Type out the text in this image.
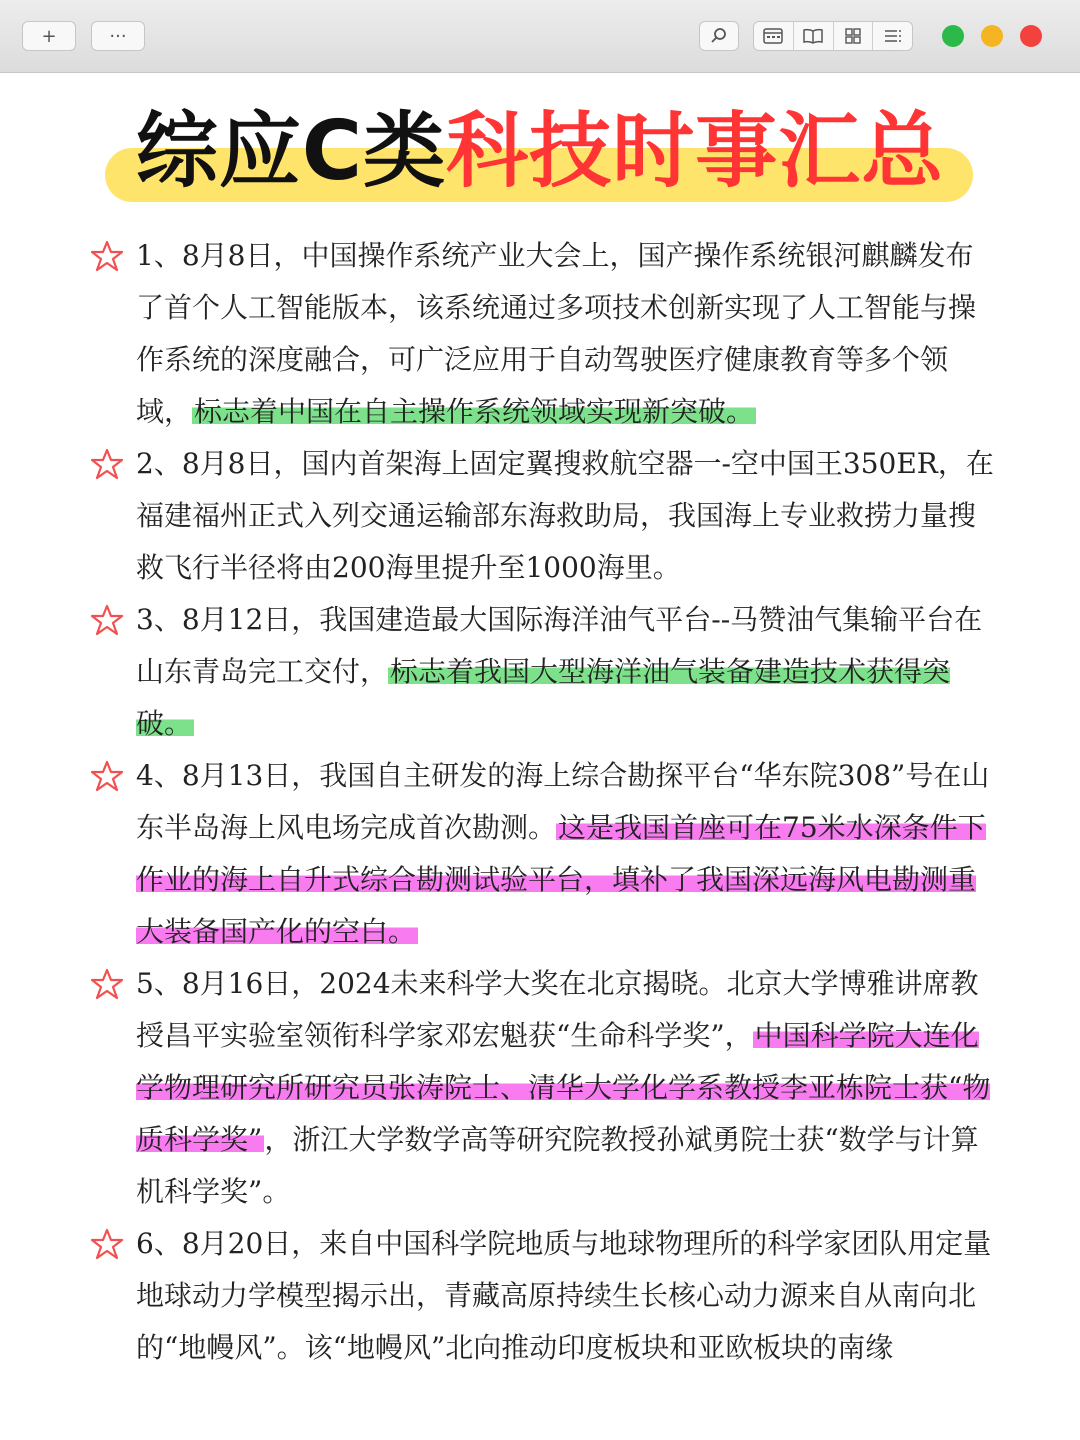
+	···
综应C类科技时事汇总
1、8月8日，中国操作系统产业大会上，国产操作系统银河麒麟发布了首个人工智能版本，该系统通过多项技术创新实现了人工智能与操作系统的深度融合，可广泛应用于自动驾驶医疗健康教育等多个领域，标志着中国在自主操作系统领域实现新突破。
2、8月8日，国内首架海上固定翼搜救航空器一-空中国王350ER，在福建福州正式入列交通运输部东海救助局，我国海上专业救捞力量搜救飞行半径将由200海里提升至1000海里。
3、8月12日，我国建造最大国际海洋油气平台--马赞油气集输平台在山东青岛完工交付，标志着我国大型海洋油气装备建造技术获得突破。
4、8月13日，我国自主研发的海上综合勘探平台“华东院308”号在山东半岛海上风电场完成首次勘测。这是我国首座可在75米水深条件下作业的海上自升式综合勘测试验平台，填补了我国深远海风电勘测重大装备国产化的空白。
5、8月16日，2024未来科学大奖在北京揭晓。北京大学博雅讲席教授昌平实验室领衔科学家邓宏魁获“生命科学奖”，中国科学院大连化学物理研究所研究员张涛院士、清华大学化学系教授李亚栋院士获“物质科学奖”，浙江大学数学高等研究院教授孙斌勇院士获“数学与计算机科学奖”。
6、8月20日，来自中国科学院地质与地球物理所的科学家团队用定量地球动力学模型揭示出，青藏高原持续生长核心动力源来自从南向北的“地幔风”。该“地幔风”北向推动印度板块和亚欧板块的南缘
